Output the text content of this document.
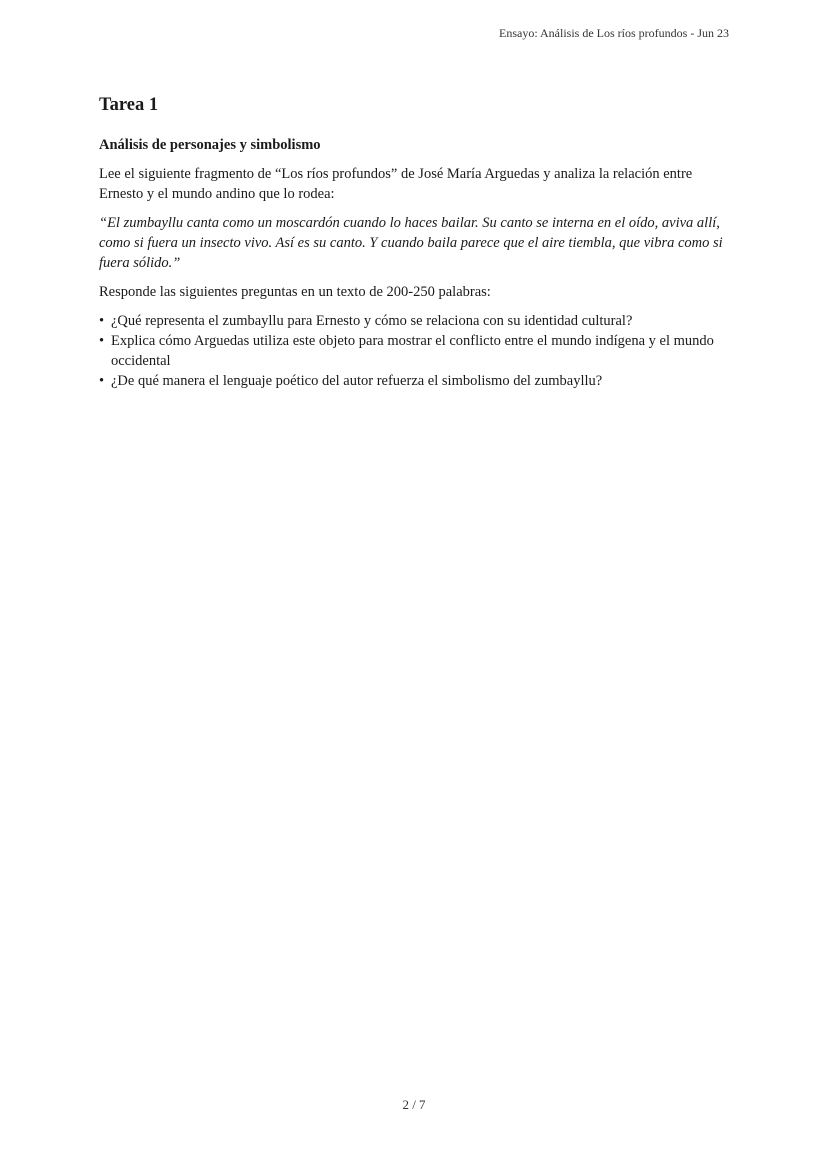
Ensayo: Análisis de Los ríos profundos - Jun 23
Tarea 1
Análisis de personajes y simbolismo

Lee el siguiente fragmento de “Los ríos profundos” de José María Arguedas y analiza la relación entre Ernesto y el mundo andino que lo rodea:

“El zumbayllu canta como un moscardón cuando lo haces bailar. Su canto se interna en el oído, aviva allí, como si fuera un insecto vivo. Así es su canto. Y cuando baila parece que el aire tiembla, que vibra como si fuera sólido.”

Responde las siguientes preguntas en un texto de 200-250 palabras:

• ¿Qué representa el zumbayllu para Ernesto y cómo se relaciona con su identidad cultural?
• Explica cómo Arguedas utiliza este objeto para mostrar el conflicto entre el mundo indígena y el mundo occidental
• ¿De qué manera el lenguaje poético del autor refuerza el simbolismo del zumbayllu?
2 / 7
